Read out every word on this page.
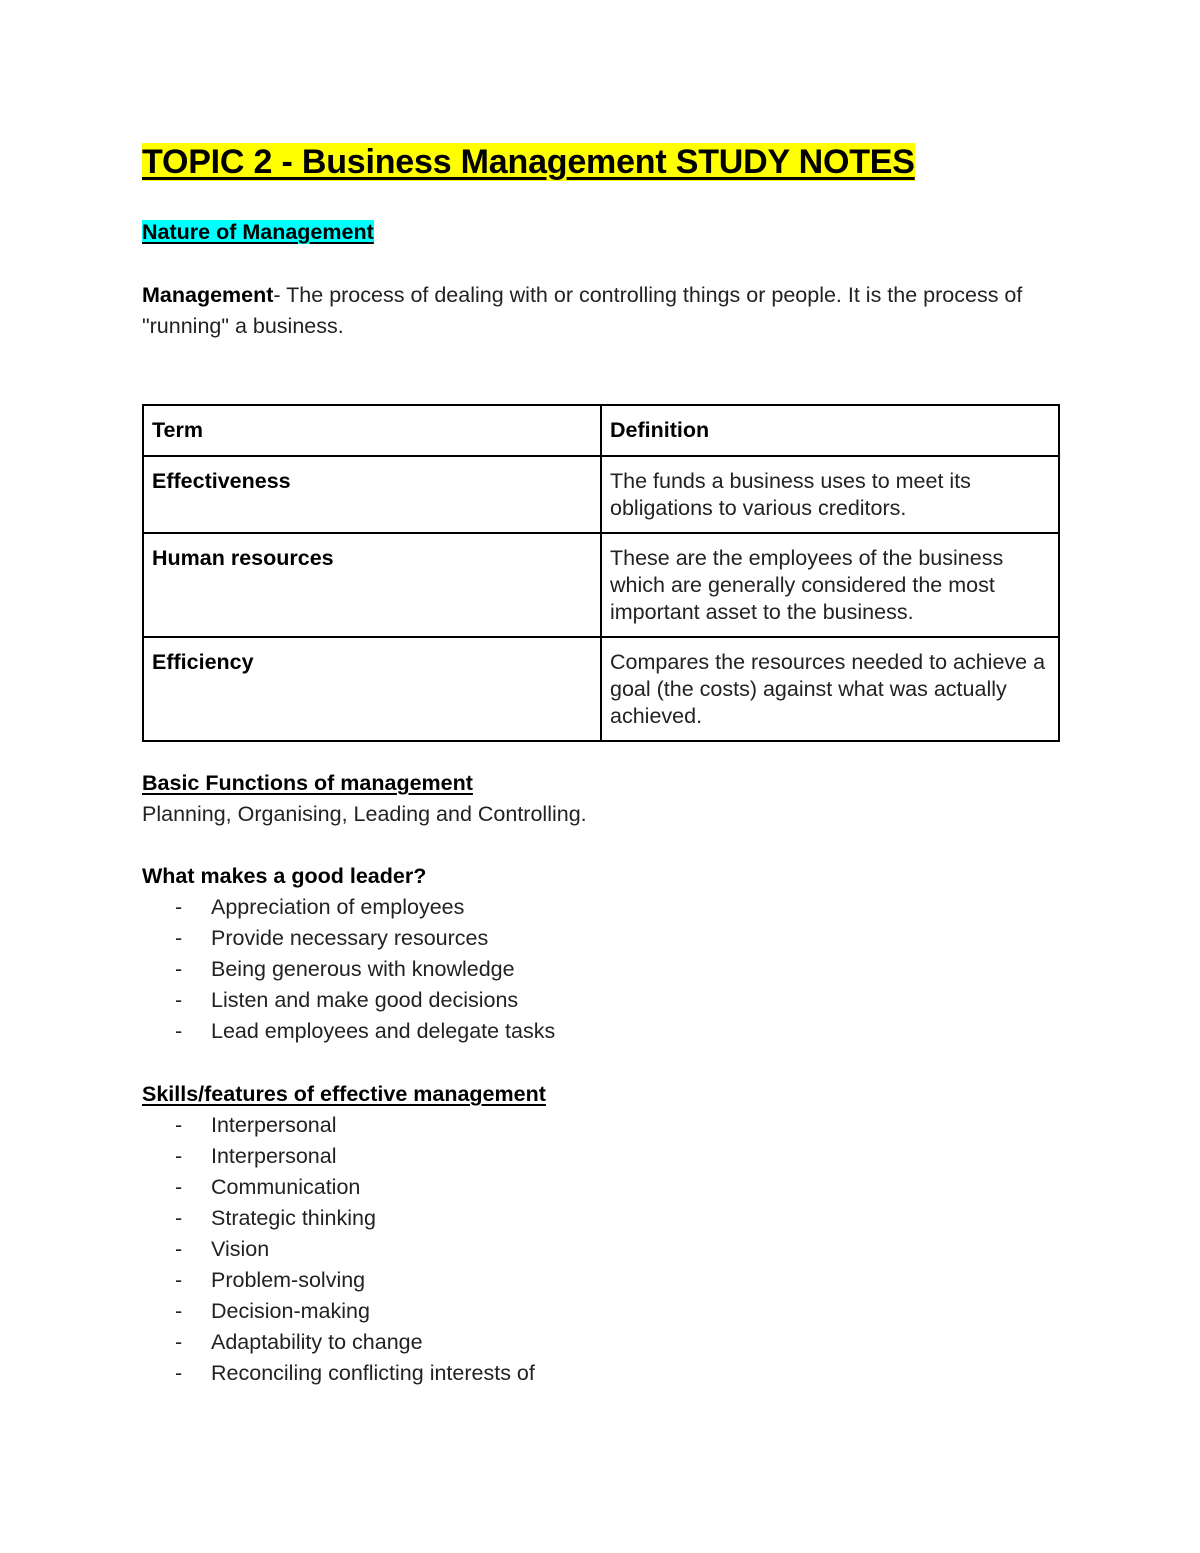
TOPIC 2 - Business Management STUDY NOTES
Nature of Management

Management- The process of dealing with or controlling things or people. It is the process of "running" a business.

Term	Definition
Effectiveness	The funds a business uses to meet its obligations to various creditors.
Human resources	These are the employees of the business which are generally considered the most important asset to the business.
Efficiency	Compares the resources needed to achieve a goal (the costs) against what was actually achieved.
Basic Functions of management

Planning, Organising, Leading and Controlling.

What makes a good leader?
- Appreciation of employees
- Provide necessary resources
- Being generous with knowledge
- Listen and make good decisions
- Lead employees and delegate tasks
Skills/features of effective management
- Interpersonal
- Interpersonal
- Communication
- Strategic thinking
- Vision
- Problem-solving
- Decision-making
- Adaptability to change
- Reconciling conflicting interests of
